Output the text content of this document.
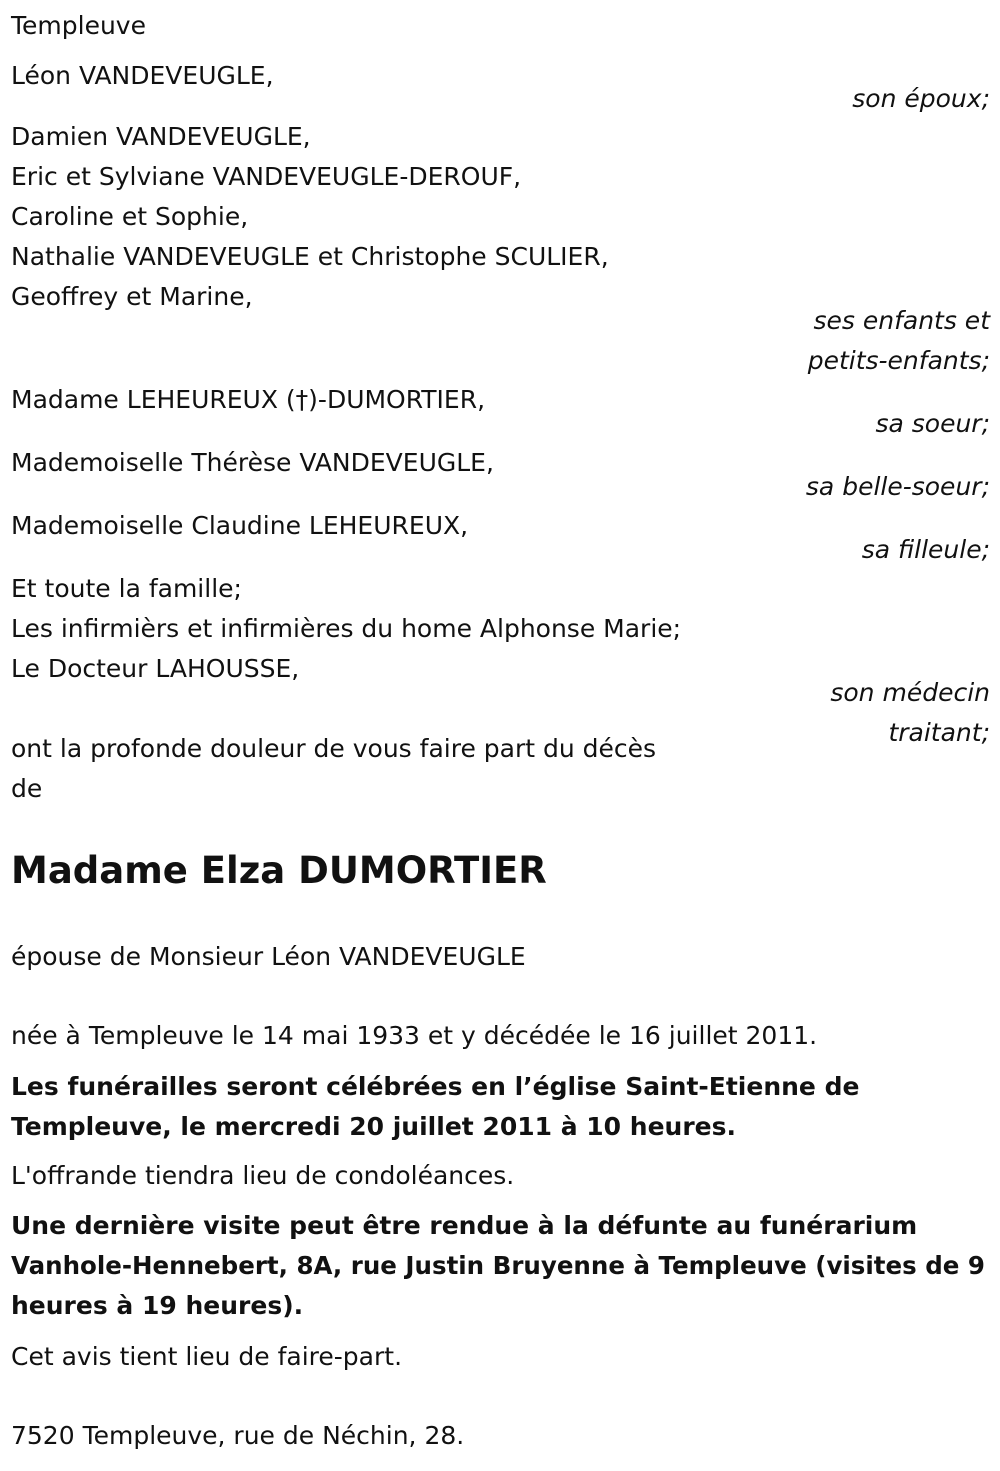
Templeuve
Léon VANDEVEUGLE,
son époux;
Damien VANDEVEUGLE,
Eric et Sylviane VANDEVEUGLE-DEROUF,
Caroline et Sophie,
Nathalie VANDEVEUGLE et Christophe SCULIER,
Geoffrey et Marine,
ses enfants et
petits-enfants;
Madame LEHEUREUX (†)-DUMORTIER,
sa soeur;
Mademoiselle Thérèse VANDEVEUGLE,
sa belle-soeur;
Mademoiselle Claudine LEHEUREUX,
sa filleule;
Et toute la famille;
Les infirmièrs et infirmières du home Alphonse Marie;
Le Docteur LAHOUSSE,
son médecin
traitant;
ont la profonde douleur de vous faire part du décès
de
Madame Elza DUMORTIER
épouse de Monsieur Léon VANDEVEUGLE
née à Templeuve le 14 mai 1933 et y décédée le 16 juillet 2011.
Les funérailles seront célébrées en l’église Saint-Etienne de
Templeuve, le mercredi 20 juillet 2011 à 10 heures.
L'offrande tiendra lieu de condoléances.
Une dernière visite peut être rendue à la défunte au funérarium
Vanhole-Hennebert, 8A, rue Justin Bruyenne à Templeuve (visites de 9
heures à 19 heures).
Cet avis tient lieu de faire-part.
7520 Templeuve, rue de Néchin, 28.
